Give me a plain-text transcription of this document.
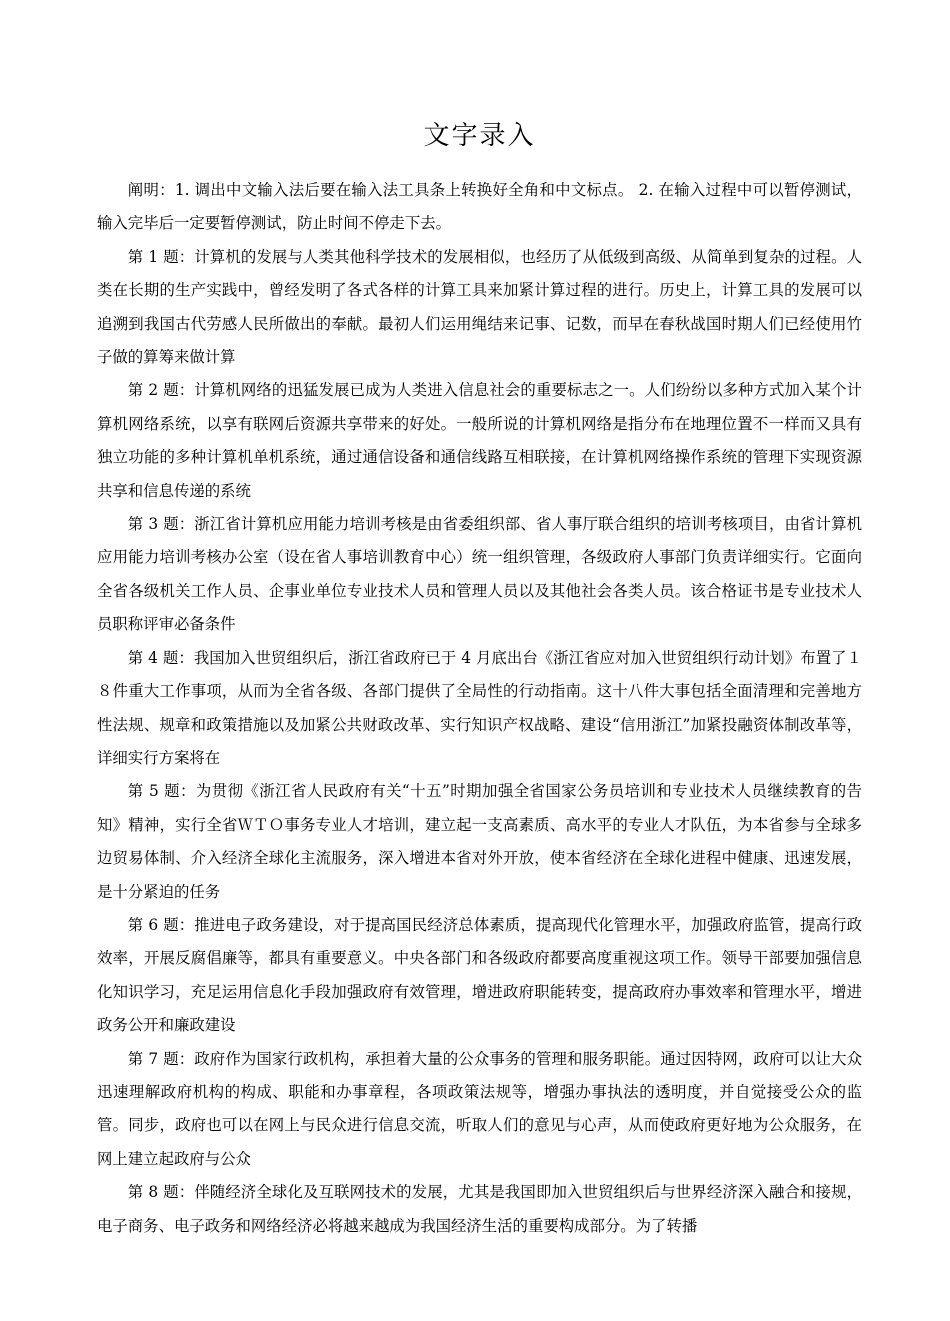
文字录入

阐明：1. 调出中文输入法后要在输入法工具条上转换好全角和中文标点。 2. 在输入过程中可以暂停测试，输入完毕后一定要暂停测试，防止时间不停走下去。

第 1 题：计算机的发展与人类其他科学技术的发展相似，也经历了从低级到高级、从简单到复杂的过程。人类在长期的生产实践中，曾经发明了各式各样的计算工具来加紧计算过程的进行。历史上，计算工具的发展可以追溯到我国古代劳感人民所做出的奉献。最初人们运用绳结来记事、记数，而早在春秋战国时期人们已经使用竹子做的算筹来做计算

第 2 题：计算机网络的迅猛发展已成为人类进入信息社会的重要标志之一。人们纷纷以多种方式加入某个计算机网络系统，以享有联网后资源共享带来的好处。一般所说的计算机网络是指分布在地理位置不一样而又具有独立功能的多种计算机单机系统，通过通信设备和通信线路互相联接，在计算机网络操作系统的管理下实现资源共享和信息传递的系统

第 3 题：浙江省计算机应用能力培训考核是由省委组织部、省人事厅联合组织的培训考核项目，由省计算机应用能力培训考核办公室（设在省人事培训教育中心）统一组织管理，各级政府人事部门负责详细实行。它面向全省各级机关工作人员、企事业单位专业技术人员和管理人员以及其他社会各类人员。该合格证书是专业技术人员职称评审必备条件

第 4 题：我国加入世贸组织后，浙江省政府已于 4 月底出台《浙江省应对加入世贸组织行动计划》布置了１８件重大工作事项，从而为全省各级、各部门提供了全局性的行动指南。这十八件大事包括全面清理和完善地方性法规、规章和政策措施以及加紧公共财政改革、实行知识产权战略、建设“信用浙江”加紧投融资体制改革等，详细实行方案将在

第 5 题：为贯彻《浙江省人民政府有关“十五”时期加强全省国家公务员培训和专业技术人员继续教育的告知》精神，实行全省ＷＴＯ事务专业人才培训，建立起一支高素质、高水平的专业人才队伍，为本省参与全球多边贸易体制、介入经济全球化主流服务，深入增进本省对外开放，使本省经济在全球化进程中健康、迅速发展，是十分紧迫的任务

第 6 题：推进电子政务建设，对于提高国民经济总体素质，提高现代化管理水平，加强政府监管，提高行政效率，开展反腐倡廉等，都具有重要意义。中央各部门和各级政府都要高度重视这项工作。领导干部要加强信息化知识学习，充足运用信息化手段加强政府有效管理，增进政府职能转变，提高政府办事效率和管理水平，增进政务公开和廉政建设

第 7 题：政府作为国家行政机构，承担着大量的公众事务的管理和服务职能。通过因特网，政府可以让大众迅速理解政府机构的构成、职能和办事章程，各项政策法规等，增强办事执法的透明度，并自觉接受公众的监管。同步，政府也可以在网上与民众进行信息交流，听取人们的意见与心声，从而使政府更好地为公众服务，在网上建立起政府与公众

第 8 题：伴随经济全球化及互联网技术的发展，尤其是我国即加入世贸组织后与世界经济深入融合和接规，电子商务、电子政务和网络经济必将越来越成为我国经济生活的重要构成部分。为了转播
